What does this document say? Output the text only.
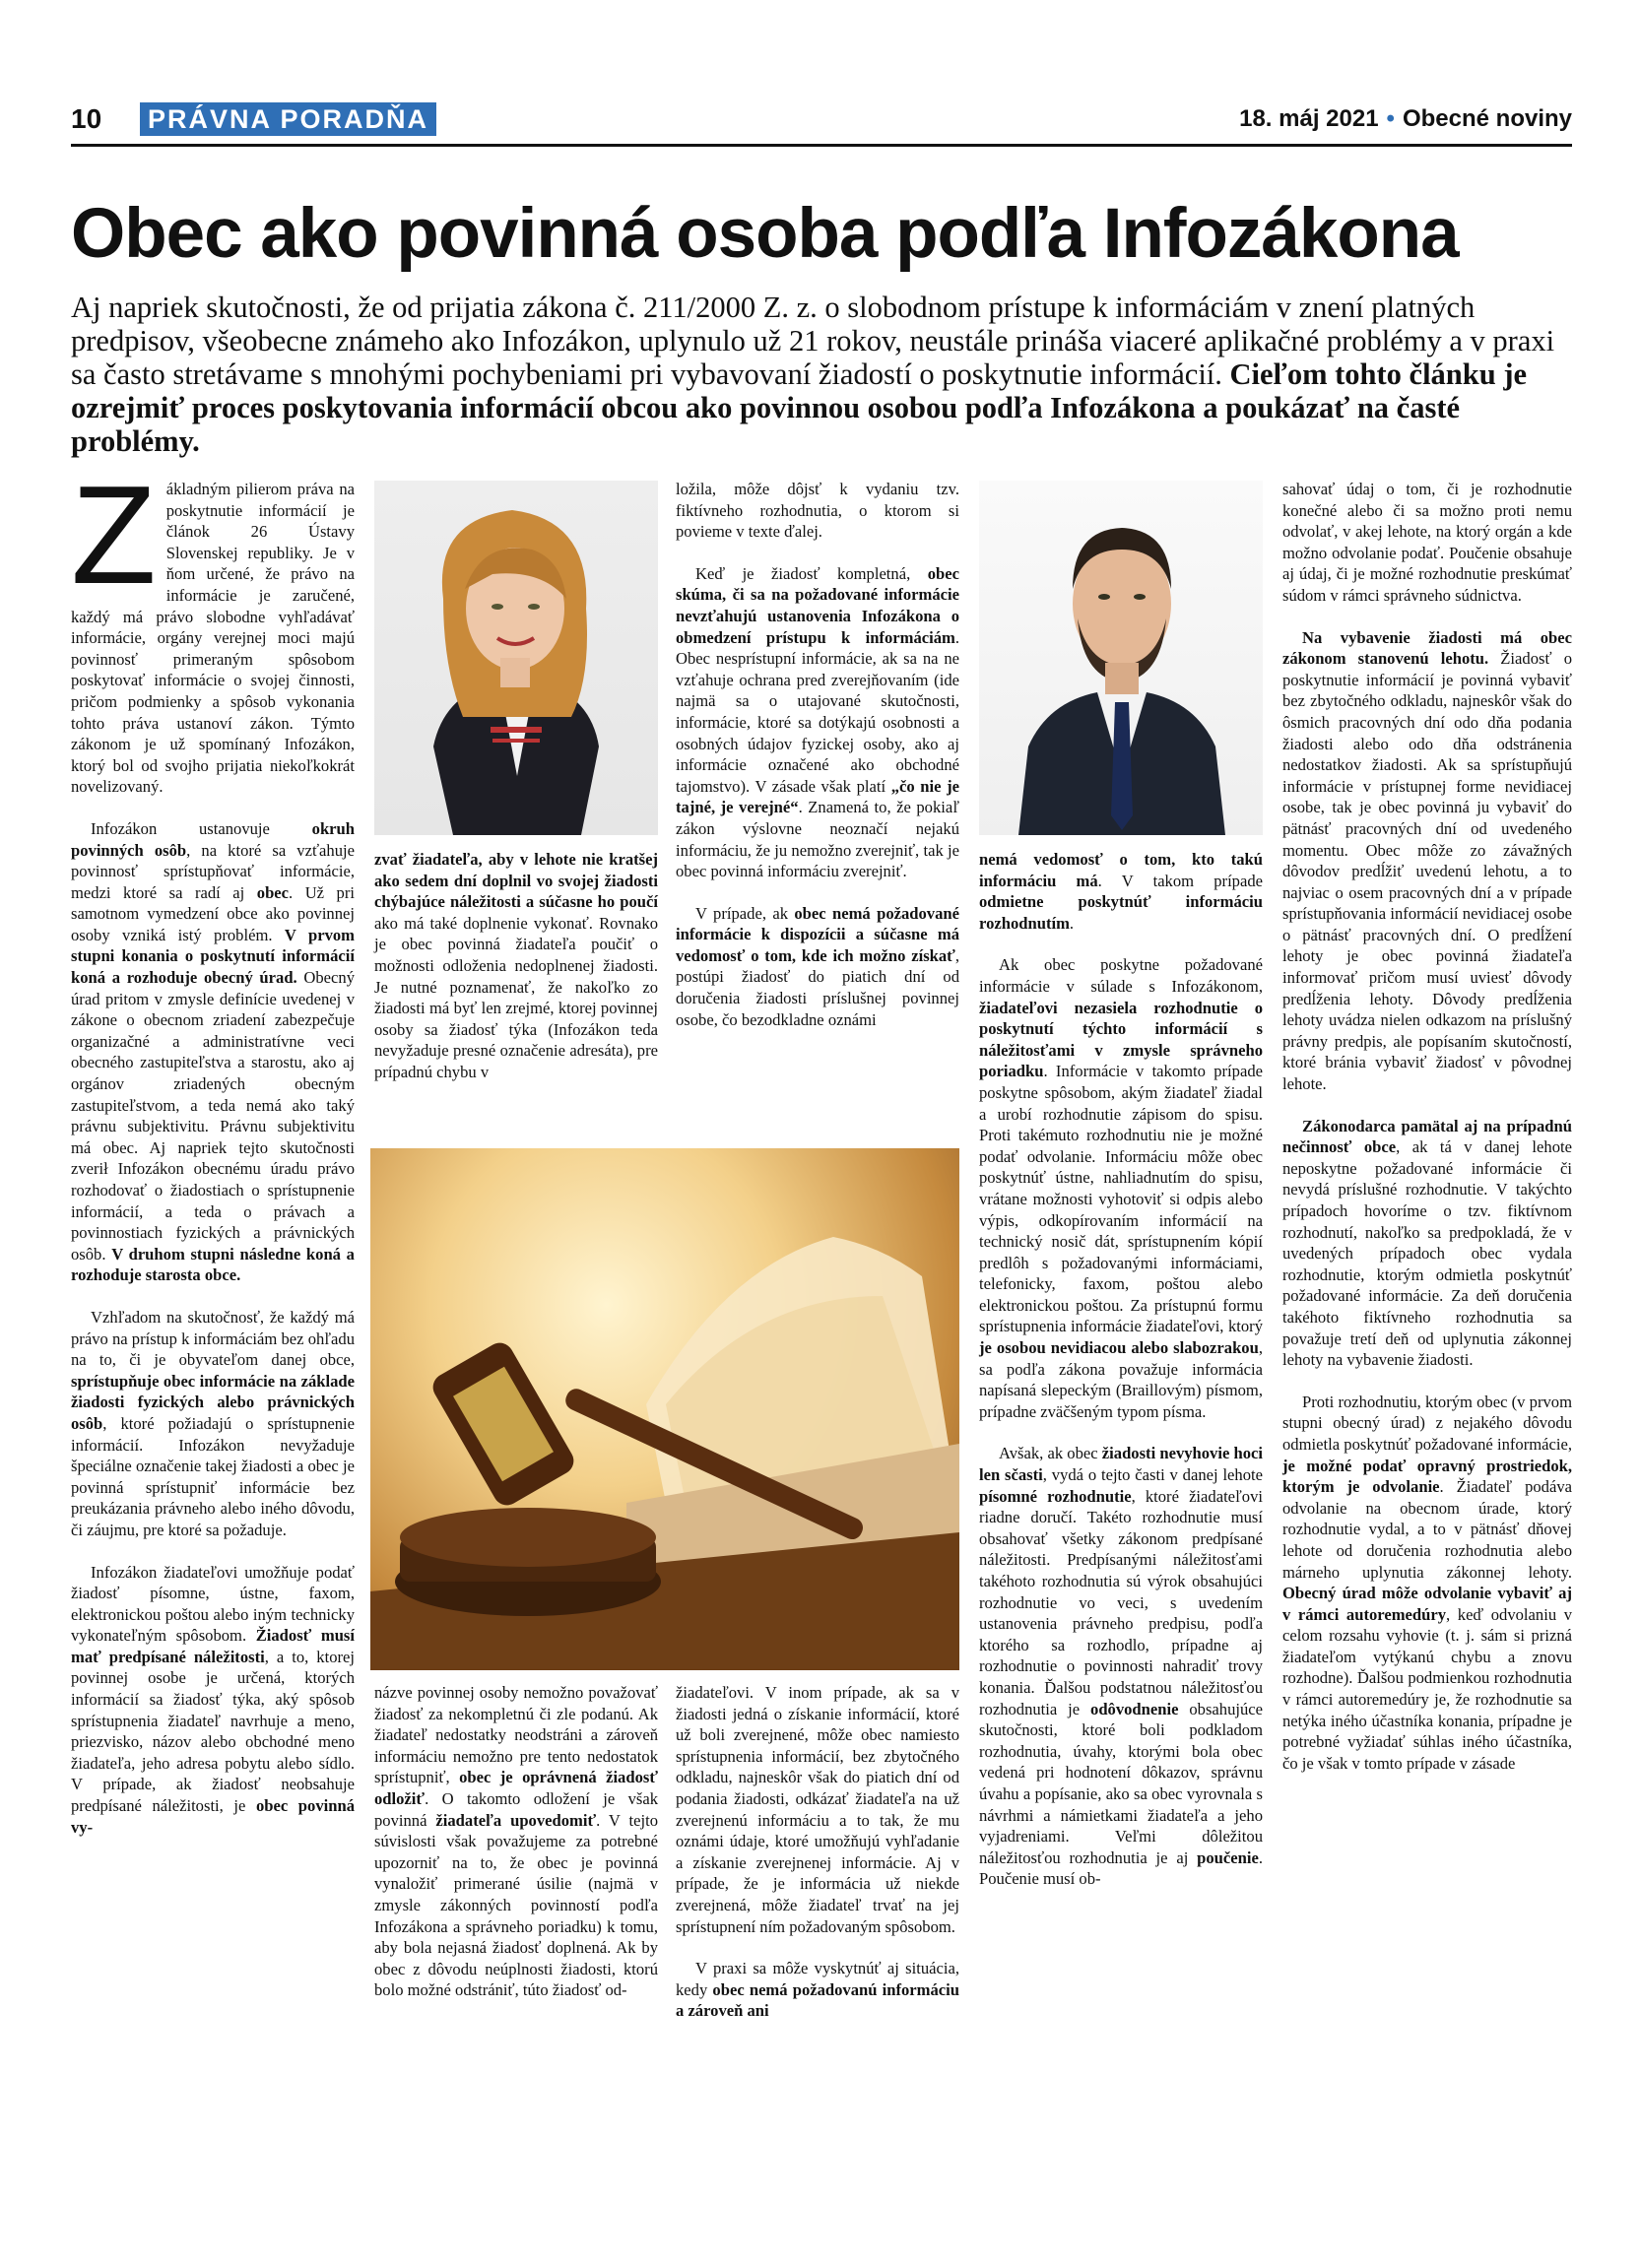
10 PRÁVNA PORADŇA	18. máj 2021 • Obecné noviny
Obec ako povinná osoba podľa Infozákona

Aj napriek skutočnosti, že od prijatia zákona č. 211/2000 Z. z. o slobodnom prístupe k informáciám v znení platných predpisov, všeobecne známeho ako Infozákon, uplynulo už 21 rokov, neustále prináša viaceré aplikačné problémy a v praxi sa často stretávame s mnohými pochybeniami pri vybavovaní žiadostí o poskytnutie informácií. Cieľom tohto článku je ozrejmiť proces poskytovania informácií obcou ako povinnou osobou podľa Infozákona a poukázať na časté problémy.

Základným pilierom práva na poskytnutie informácií je článok 26 Ústavy Slovenskej republiky. Je v ňom určené, že právo na informácie je zaručené, každý má právo slobodne vyhľadávať informácie, orgány verejnej moci majú povinnosť primeraným spôsobom poskytovať informácie o svojej činnosti, pričom podmienky a spôsob vykonania tohto práva ustanoví zákon. Týmto zákonom je už spomínaný Infozákon, ktorý bol od svojho prijatia niekoľkokrát novelizovaný.

Infozákon ustanovuje okruh povinných osôb, na ktoré sa vzťahuje povinnosť sprístupňovať informácie, medzi ktoré sa radí aj obec. Už pri samotnom vymedzení obce ako povinnej osoby vzniká istý problém. V prvom stupni konania o poskytnutí informácií koná a rozhoduje obecný úrad. Obecný úrad pritom v zmysle definície uvedenej v zákone o obecnom zriadení zabezpečuje organizačné a administratívne veci obecného zastupiteľstva a starostu, ako aj orgánov zriadených obecným zastupiteľstvom, a teda nemá ako taký právnu subjektivitu. Právnu subjektivitu má obec. Aj napriek tejto skutočnosti zverił Infozákon obecnému úradu právo rozhodovať o žiadostiach o sprístupnenie informácií, a teda o právach a povinnostiach fyzických a právnických osôb. V druhom stupni následne koná a rozhoduje starosta obce.

Vzhľadom na skutočnosť, že každý má právo na prístup k informáciám bez ohľadu na to, či je obyvateľom danej obce, sprístupňuje obec informácie na základe žiadosti fyzických alebo právnických osôb, ktoré požiadajú o sprístupnenie informácií. Infozákon nevyžaduje špeciálne označenie takej žiadosti a obec je povinná sprístupniť informácie bez preukázania právneho alebo iného dôvodu, či záujmu, pre ktoré sa požaduje.

Infozákon žiadateľovi umožňuje podať žiadosť písomne, ústne, faxom, elektronickou poštou alebo iným technicky vykonateľným spôsobom. Žiadosť musí mať predpísané náležitosti, a to, ktorej povinnej osobe je určená, ktorých informácií sa žiadosť týka, aký spôsob sprístupnenia žiadateľ navrhuje a meno, priezvisko, názov alebo obchodné meno žiadateľa, jeho adresa pobytu alebo sídlo. V prípade, ak žiadosť neobsahuje predpísané náležitosti, je obec povinná vy-

zvať žiadateľa, aby v lehote nie kratšej ako sedem dní doplnil vo svojej žiadosti chýbajúce náležitosti a súčasne ho poučí ako má také doplnenie vykonať. Rovnako je obec povinná žiadateľa poučiť o možnosti odloženia nedoplnenej žiadosti. Je nutné poznamenať, že nakoľko zo žiadosti má byť len zrejmé, ktorej povinnej osoby sa žiadosť týka (Infozákon teda nevyžaduje presné označenie adresáta), pre prípadnú chybu v

ložila, môže dôjsť k vydaniu tzv. fiktívneho rozhodnutia, o ktorom si povieme v texte ďalej.

Keď je žiadosť kompletná, obec skúma, či sa na požadované informácie nevzťahujú ustanovenia Infozákona o obmedzení prístupu k informáciám. Obec nesprístupní informácie, ak sa na ne vzťahuje ochrana pred zverejňovaním (ide najmä sa o utajované skutočnosti, informácie, ktoré sa dotýkajú osobnosti a osobných údajov fyzickej osoby, ako aj informácie označené ako obchodné tajomstvo). V zásade však platí „čo nie je tajné, je verejné“. Znamená to, že pokiaľ zákon výslovne neoznačí nejakú informáciu, že ju nemožno zverejniť, tak je obec povinná informáciu zverejniť.

V prípade, ak obec nemá požadované informácie k dispozícii a súčasne má vedomosť o tom, kde ich možno získať, postúpi žiadosť do piatich dní od doručenia žiadosti príslušnej povinnej osobe, čo bezodkladne oznámi

názve povinnej osoby nemožno považovať žiadosť za nekompletnú či zle podanú. Ak žiadateľ nedostatky neodstráni a zároveň informáciu nemožno pre tento nedostatok sprístupniť, obec je oprávnená žiadosť odložiť. O takomto odložení je však povinná žiadateľa upovedomiť. V tejto súvislosti však považujeme za potrebné upozorniť na to, že obec je povinná vynaložiť primerané úsilie (najmä v zmysle zákonných povinností podľa Infozákona a správneho poriadku) k tomu, aby bola nejasná žiadosť doplnená. Ak by obec z dôvodu neúplnosti žiadosti, ktorú bolo možné odstrániť, túto žiadosť od-

žiadateľovi. V inom prípade, ak sa v žiadosti jedná o získanie informácií, ktoré už boli zverejnené, môže obec namiesto sprístupnenia informácií, bez zbytočného odkladu, najneskôr však do piatich dní od podania žiadosti, odkázať žiadateľa na už zverejnenú informáciu a to tak, že mu oznámi údaje, ktoré umožňujú vyhľadanie a získanie zverejnenej informácie. Aj v prípade, že je informácia už niekde zverejnená, môže žiadateľ trvať na jej sprístupnení ním požadovaným spôsobom.

V praxi sa môže vyskytnúť aj situácia, kedy obec nemá požadovanú informáciu a zároveň ani

nemá vedomosť o tom, kto takú informáciu má. V takom prípade odmietne poskytnúť informáciu rozhodnutím.

Ak obec poskytne požadované informácie v súlade s Infozákonom, žiadateľovi nezasiela rozhodnutie o poskytnutí týchto informácií s náležitosťami v zmysle správneho poriadku. Informácie v takomto prípade poskytne spôsobom, akým žiadateľ žiadal a urobí rozhodnutie zápisom do spisu. Proti takémuto rozhodnutiu nie je možné podať odvolanie. Informáciu môže obec poskytnúť ústne, nahliadnutím do spisu, vrátane možnosti vyhotoviť si odpis alebo výpis, odkopírovaním informácií na technický nosič dát, sprístupnením kópií predlôh s požadovanými informáciami, telefonicky, faxom, poštou alebo elektronickou poštou. Za prístupnú formu sprístupnenia informácie žiadateľovi, ktorý je osobou nevidiacou alebo slabozrakou, sa podľa zákona považuje informácia napísaná slepeckým (Braillovým) písmom, prípadne zväčšeným typom písma.

Avšak, ak obec žiadosti nevyhovie hoci len sčasti, vydá o tejto časti v danej lehote písomné rozhodnutie, ktoré žiadateľovi riadne doručí. Takéto rozhodnutie musí obsahovať všetky zákonom predpísané náležitosti. Predpísanými náležitosťami takéhoto rozhodnutia sú výrok obsahujúci rozhodnutie vo veci, s uvedením ustanovenia právneho predpisu, podľa ktorého sa rozhodlo, prípadne aj rozhodnutie o povinnosti nahradiť trovy konania. Ďalšou podstatnou náležitosťou rozhodnutia je odôvodnenie obsahujúce skutočnosti, ktoré boli podkladom rozhodnutia, úvahy, ktorými bola obec vedená pri hodnotení dôkazov, správnu úvahu a popísanie, ako sa obec vyrovnala s návrhmi a námietkami žiadateľa a jeho vyjadreniami. Veľmi dôležitou náležitosťou rozhodnutia je aj poučenie. Poučenie musí ob-

sahovať údaj o tom, či je rozhodnutie konečné alebo či sa možno proti nemu odvolať, v akej lehote, na ktorý orgán a kde možno odvolanie podať. Poučenie obsahuje aj údaj, či je možné rozhodnutie preskúmať súdom v rámci správneho súdnictva.

Na vybavenie žiadosti má obec zákonom stanovenú lehotu. Žiadosť o poskytnutie informácií je povinná vybaviť bez zbytočného odkladu, najneskôr však do ôsmich pracovných dní odo dňa podania žiadosti alebo odo dňa odstránenia nedostatkov žiadosti. Ak sa sprístupňujú informácie v prístupnej forme nevidiacej osobe, tak je obec povinná ju vybaviť do pätnásť pracovných dní od uvedeného momentu. Obec môže zo závažných dôvodov predĺžiť uvedenú lehotu, a to najviac o osem pracovných dní a v prípade sprístupňovania informácií nevidiacej osobe o pätnásť pracovných dní. O predĺžení lehoty je obec povinná žiadateľa informovať pričom musí uviesť dôvody predĺženia lehoty. Dôvody predĺženia lehoty uvádza nielen odkazom na príslušný právny predpis, ale popísaním skutočností, ktoré bránia vybaviť žiadosť v pôvodnej lehote.

Zákonodarca pamätal aj na prípadnú nečinnosť obce, ak tá v danej lehote neposkytne požadované informácie či nevydá príslušné rozhodnutie. V takýchto prípadoch hovoríme o tzv. fiktívnom rozhodnutí, nakoľko sa predpokladá, že v uvedených prípadoch obec vydala rozhodnutie, ktorým odmietla poskytnúť požadované informácie. Za deň doručenia takéhoto fiktívneho rozhodnutia sa považuje tretí deň od uplynutia zákonnej lehoty na vybavenie žiadosti.

Proti rozhodnutiu, ktorým obec (v prvom stupni obecný úrad) z nejakého dôvodu odmietla poskytnúť požadované informácie, je možné podať opravný prostriedok, ktorým je odvolanie. Žiadateľ podáva odvolanie na obecnom úrade, ktorý rozhodnutie vydal, a to v pätnásť dňovej lehote od doručenia rozhodnutia alebo márneho uplynutia zákonnej lehoty. Obecný úrad môže odvolanie vybaviť aj v rámci autoremedúry, keď odvolaniu v celom rozsahu vyhovie (t. j. sám si prizná žiadateľom vytýkanú chybu a znovu rozhodne). Ďalšou podmienkou rozhodnutia v rámci autoremedúry je, že rozhodnutie sa netýka iného účastníka konania, prípadne je potrebné vyžiadať súhlas iného účastníka, čo je však v tomto prípade v zásade
